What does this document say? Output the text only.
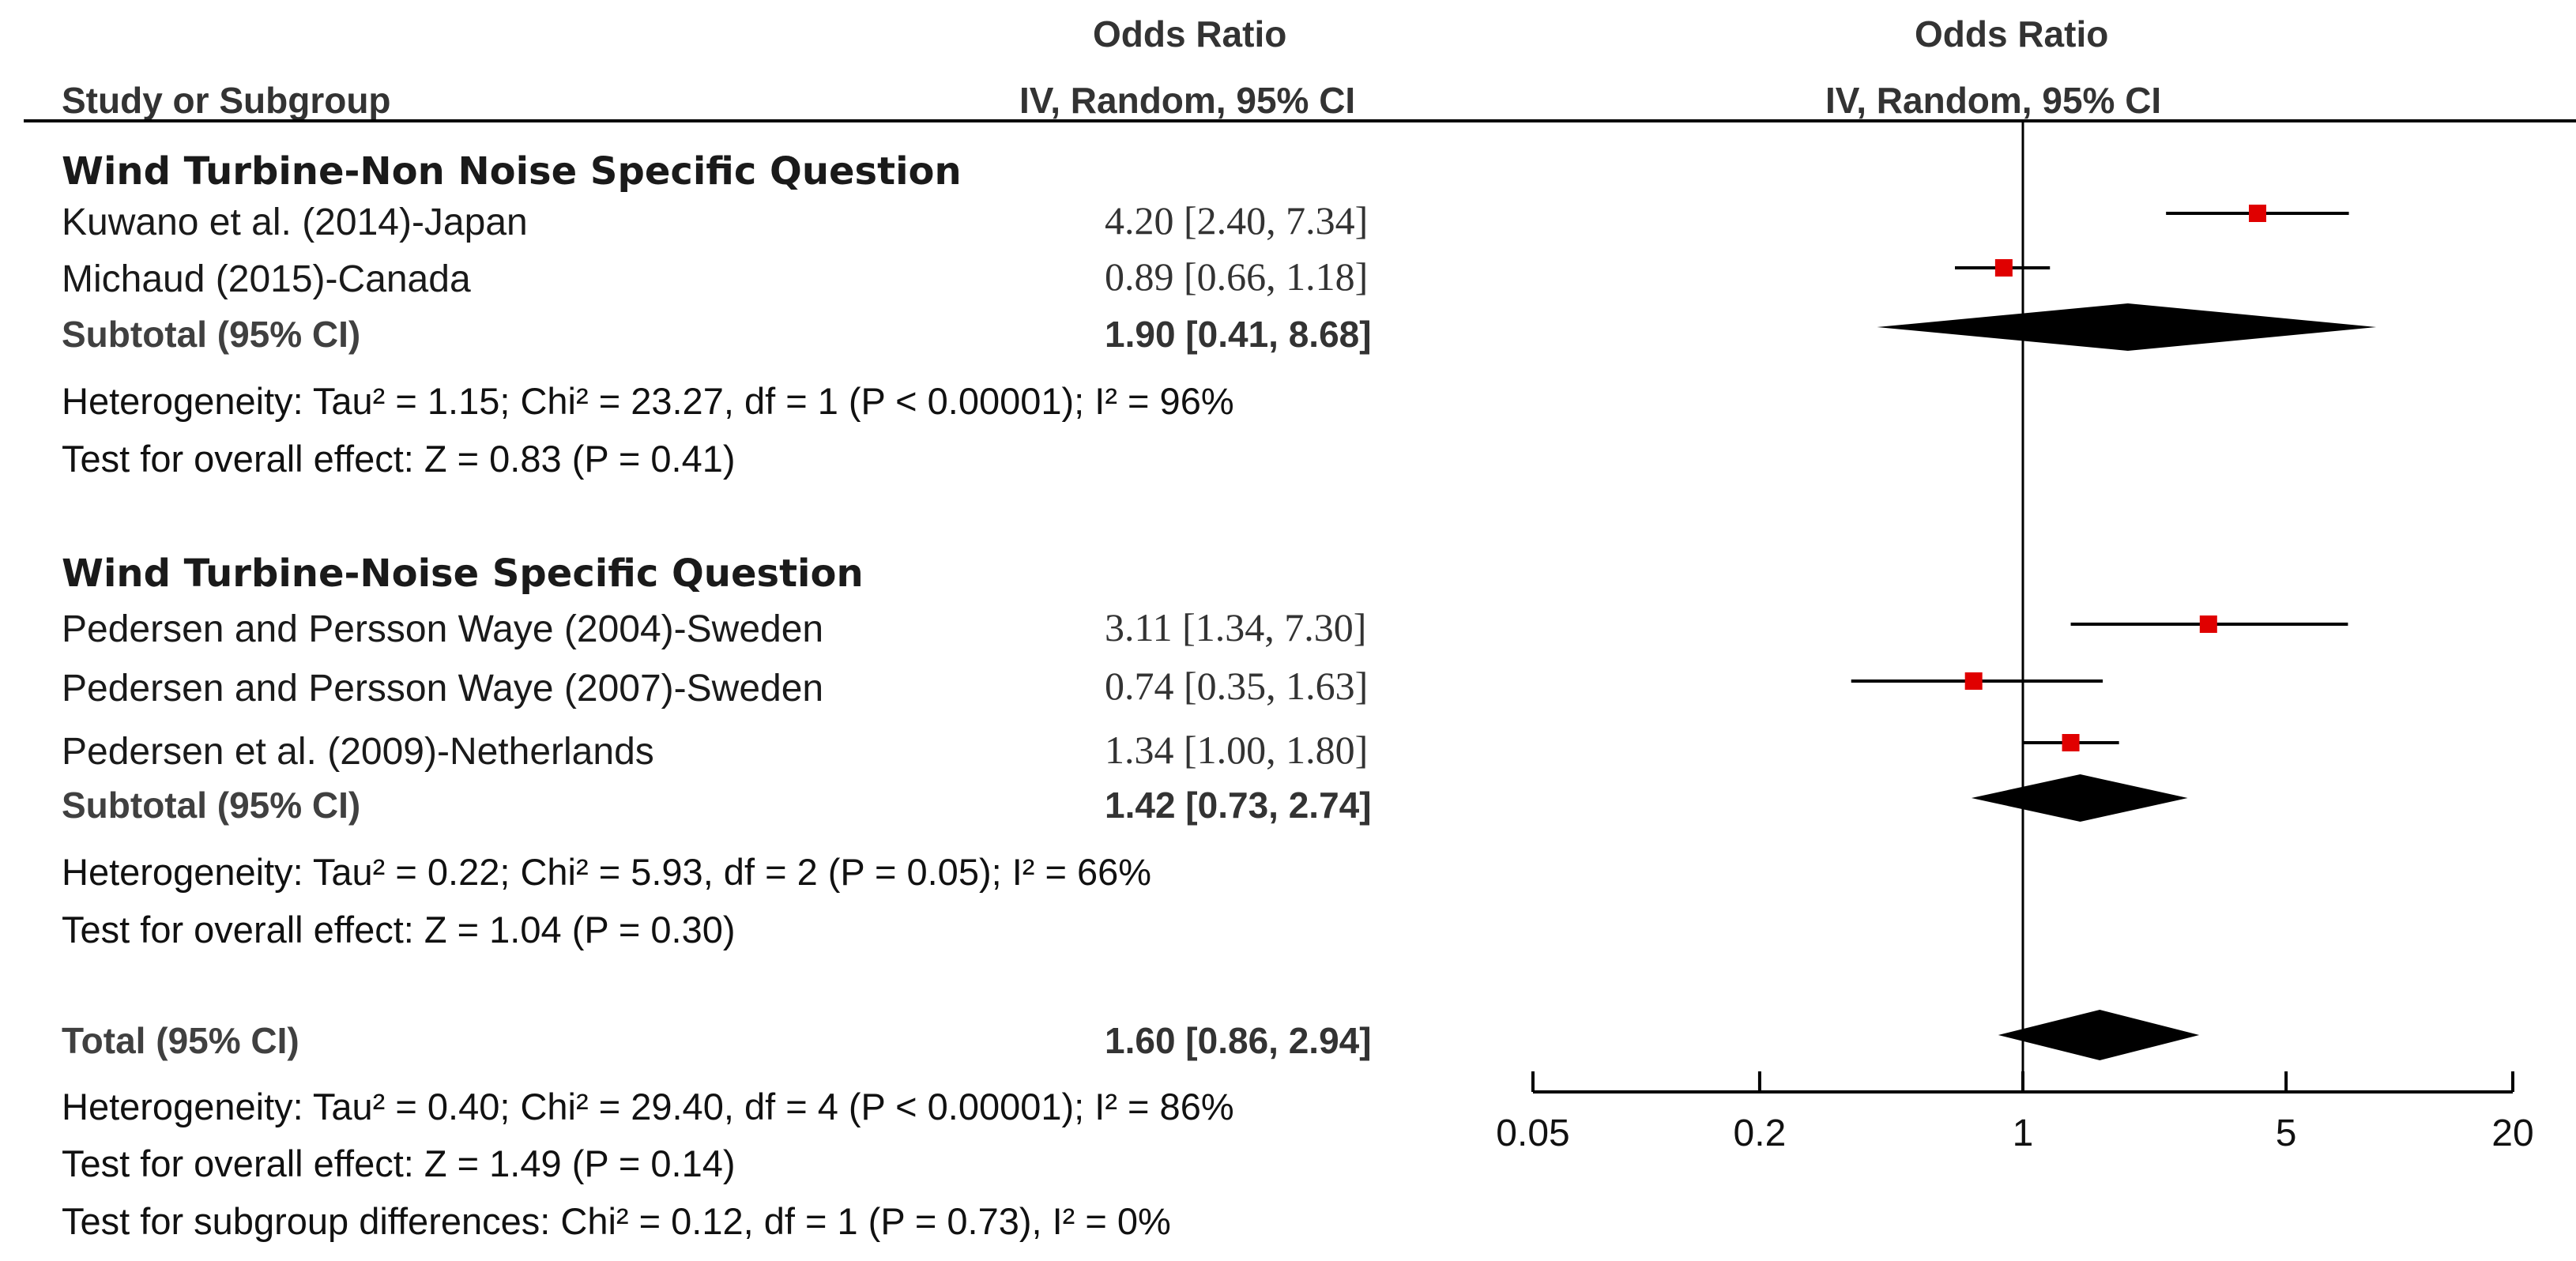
Odds Ratio
Study or Subgroup	IV, Random, 95% CI
Odds Ratio
IV, Random, 95% CI
Wind Turbine-Non Noise Specific Question
Kuwano et al. (2014)-Japan	4.20 [2.40, 7.34]
Michaud (2015)-Canada	0.89 [0.66, 1.18]
Subtotal (95% CI)	1.90 [0.41, 8.68]
Heterogeneity: Tau² = 1.15; Chi² = 23.27, df = 1 (P < 0.00001); I² = 96%
Test for overall effect: Z = 0.83 (P = 0.41)
Wind Turbine-Noise Specific Question
Pedersen and Persson Waye (2004)-Sweden	3.11 [1.34, 7.30]
Pedersen and Persson Waye (2007)-Sweden	0.74 [0.35, 1.63]
Pedersen et al. (2009)-Netherlands	1.34 [1.00, 1.80]
Subtotal (95% CI)	1.42 [0.73, 2.74]
Heterogeneity: Tau² = 0.22; Chi² = 5.93, df = 2 (P = 0.05); I² = 66%
Test for overall effect: Z = 1.04 (P = 0.30)
Total (95% CI)	1.60 [0.86, 2.94]
Heterogeneity: Tau² = 0.40; Chi² = 29.40, df = 4 (P < 0.00001); I² = 86%
Test for overall effect: Z = 1.49 (P = 0.14)
Test for subgroup differences: Chi² = 0.12, df = 1 (P = 0.73), I² = 0%
0.05	0.2	1	5	20
